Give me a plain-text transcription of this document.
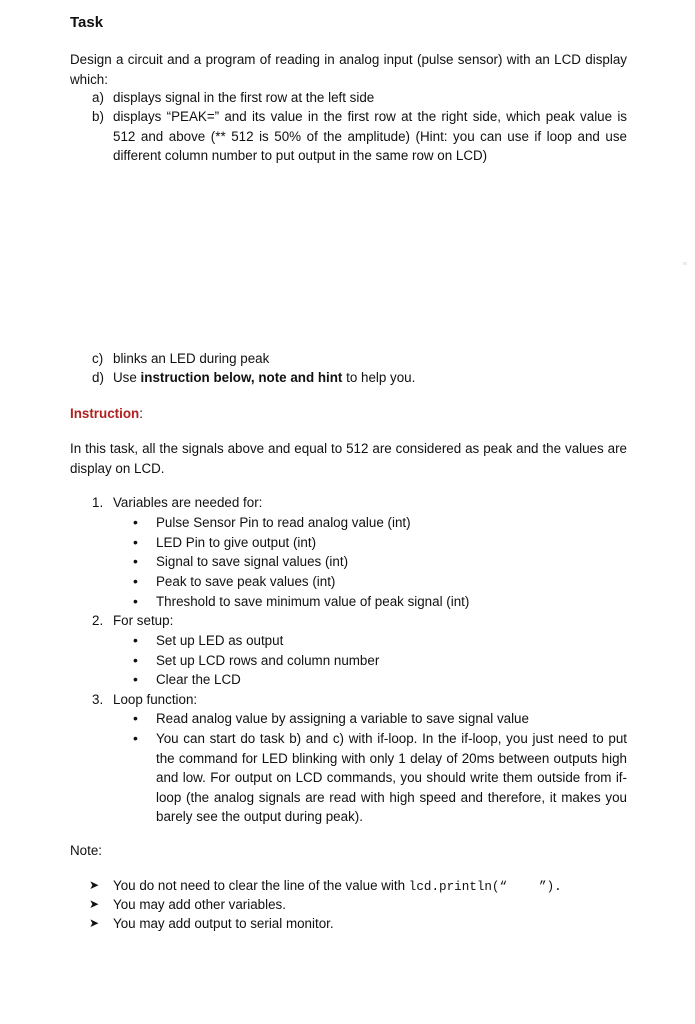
Task
Design a circuit and a program of reading in analog input (pulse sensor) with an LCD display which:
a) displays signal in the first row at the left side
b) displays “PEAK=” and its value in the first row at the right side, which peak value is 512 and above (** 512 is 50% of the amplitude) (Hint: you can use if loop and use different column number to put output in the same row on LCD)
c) blinks an LED during peak
d) Use instruction below, note and hint to help you.
Instruction:
In this task, all the signals above and equal to 512 are considered as peak and the values are display on LCD.
1. Variables are needed for:
• Pulse Sensor Pin to read analog value (int)
• LED Pin to give output (int)
• Signal to save signal values (int)
• Peak to save peak values (int)
• Threshold to save minimum value of peak signal (int)
2. For setup:
• Set up LED as output
• Set up LCD rows and column number
• Clear the LCD
3. Loop function:
• Read analog value by assigning a variable to save signal value
• You can start do task b) and c) with if-loop. In the if-loop, you just need to put the command for LED blinking with only 1 delay of 20ms between outputs high and low. For output on LCD commands, you should write them outside from if-loop (the analog signals are read with high speed and therefore, it makes you barely see the output during peak).
Note:
➤ You do not need to clear the line of the value with lcd.println(“	”).
➤ You may add other variables.
➤ You may add output to serial monitor.
